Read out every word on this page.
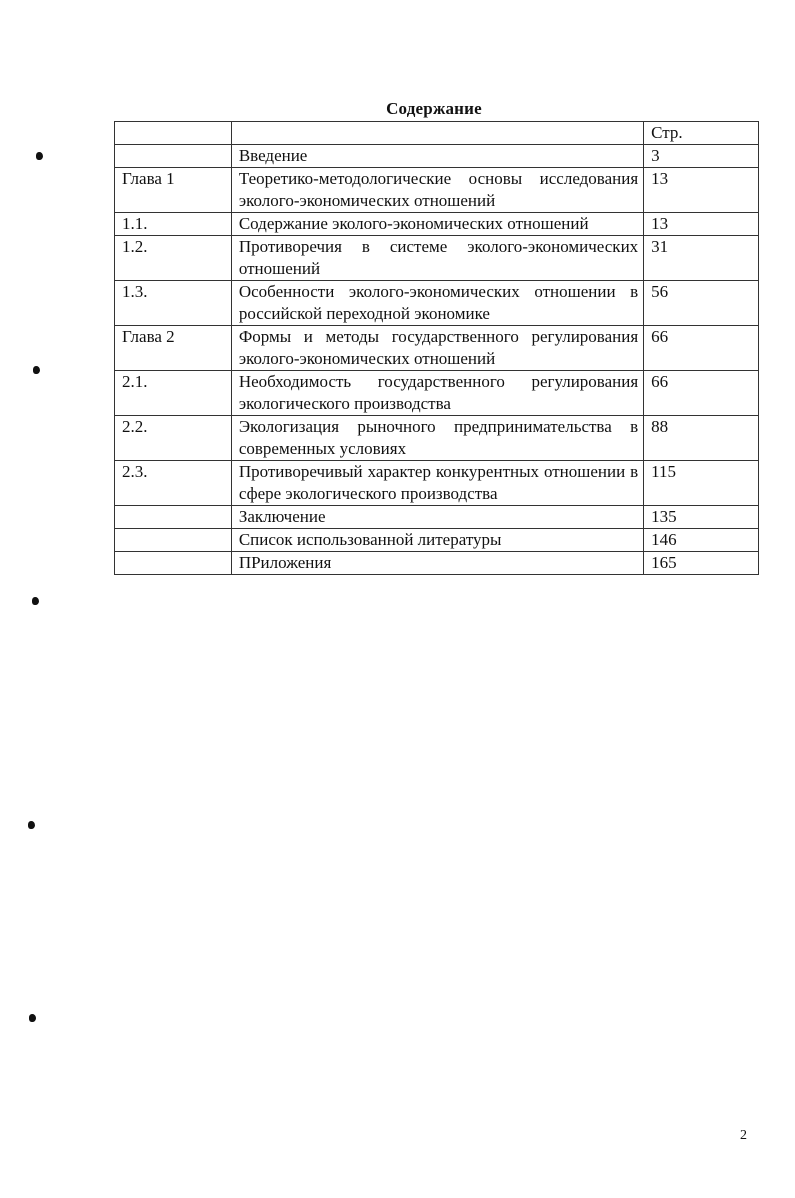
Содержание
		Стр.
	Введение	3
Глава 1	Теоретико-методологические основы исследования эколого-экономических отношений	13
1.1.	Содержание эколого-экономических отношений	13
1.2.	Противоречия в системе эколого-экономических отношений	31
1.3.	Особенности эколого-экономических отношении в российской переходной экономике	56
Глава 2	Формы и методы государственного регулирования эколого-экономических отношений	66
2.1.	Необходимость государственного регулирования экологического производства	66
2.2.	Экологизация рыночного предпринимательства в современных условиях	88
2.3.	Противоречивый характер конкурентных отношении в сфере экологического производства	115
	Заключение	135
	Список использованной литературы	146
	ПРиложения	165
2
